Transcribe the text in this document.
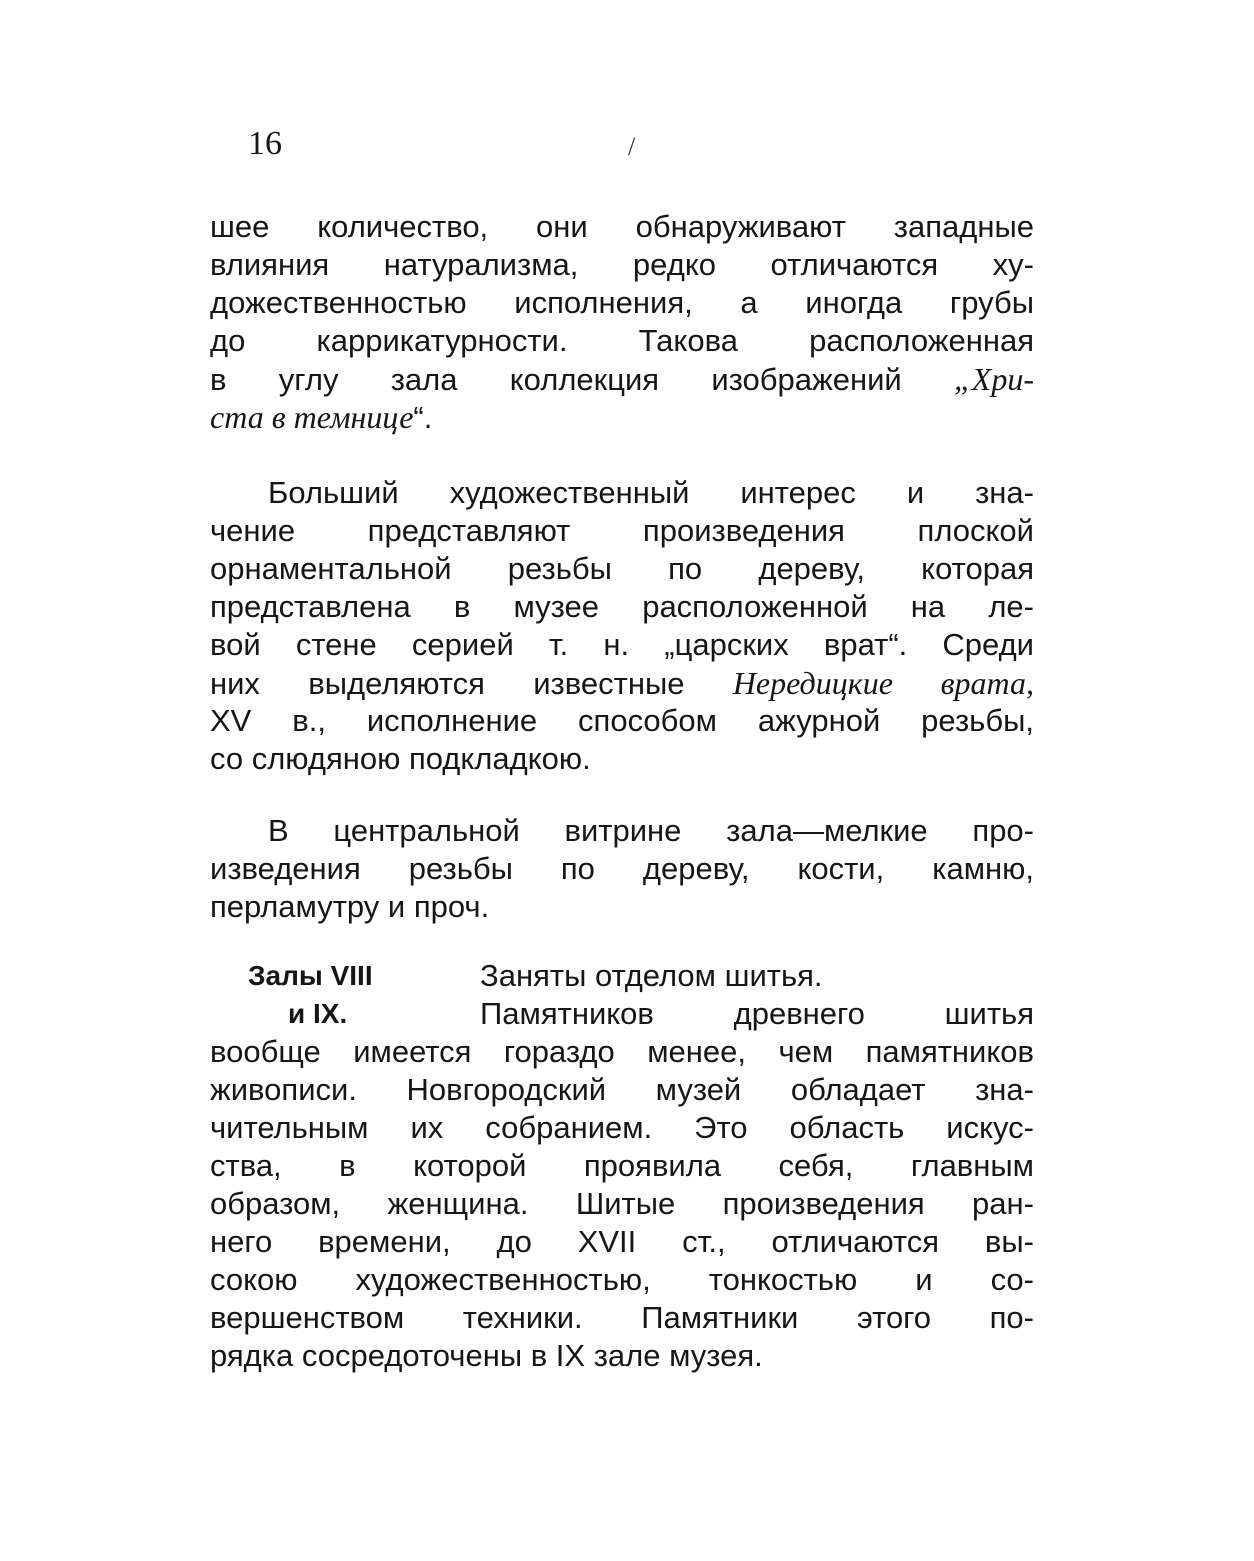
16	/
шее количество, они обнаруживают западные
влияния натурализма, редко отличаются ху-
дожественностью исполнения, а иногда грубы
до каррикатурности. Такова расположенная
в углу зала коллекция изображений „Хри-
ста в темнице“.
Больший художественный интерес и зна-
чение представляют произведения плоской
орнаментальной резьбы по дереву, которая
представлена в музее расположенной на ле-
вой стене серией т. н. „царских врат“. Среди
них выделяются известные Нередицкие врата,
XV в., исполнение способом ажурной резьбы,
со слюдяною подкладкою.
В центральной витрине зала—мелкие про-
изведения резьбы по дереву, кости, камню,
перламутру и проч.
Залы VIII
и IX.
Заняты отделом шитья.
Памятников древнего шитья
вообще имеется гораздо менее, чем памятников
живописи. Новгородский музей обладает зна-
чительным их собранием. Это область искус-
ства, в которой проявила себя, главным
образом, женщина. Шитые произведения ран-
него времени, до XVII ст., отличаются вы-
сокою художественностью, тонкостью и со-
вершенством техники. Памятники этого по-
рядка сосредоточены в IX зале музея.
